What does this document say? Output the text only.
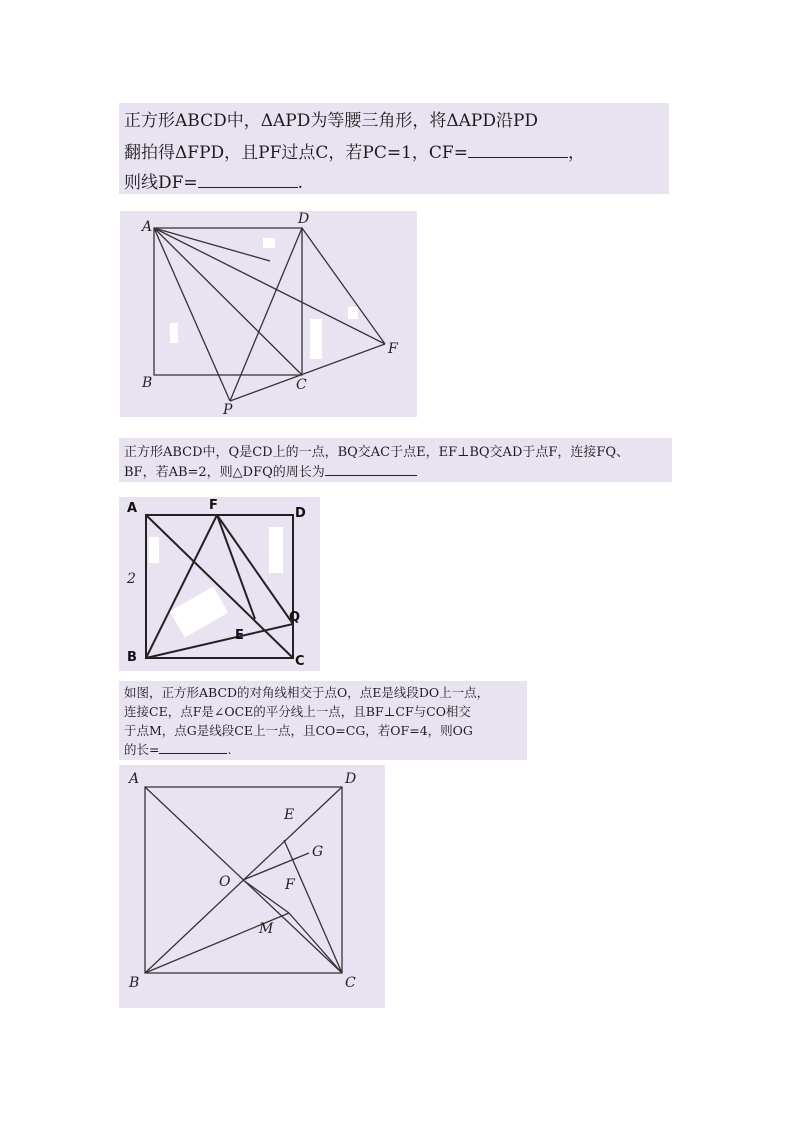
正方形ABCD中，ΔAPD为等腰三角形，将ΔAPD沿PD
翻拍得ΔFPD，且PF过点C，若PC=1，CF=	，
则线DF=	.
A	D
B	C
P
F
正方形ABCD中，Q是CD上的一点，BQ交AC于点E，EF⊥BQ交AD于点F，连接FQ、
BF，若AB=2，则△DFQ的周长为
A	F
D
B	C
Q
E
2
如图，正方形ABCD的对角线相交于点O，点E是线段DO上一点，
连接CE，点F是∠OCE的平分线上一点，且BF⊥CF与CO相交
于点M，点G是线段CE上一点，且CO=CG，若OF=4，则OG
的长=	.
A	D
B	C
E
G
O	F
M
